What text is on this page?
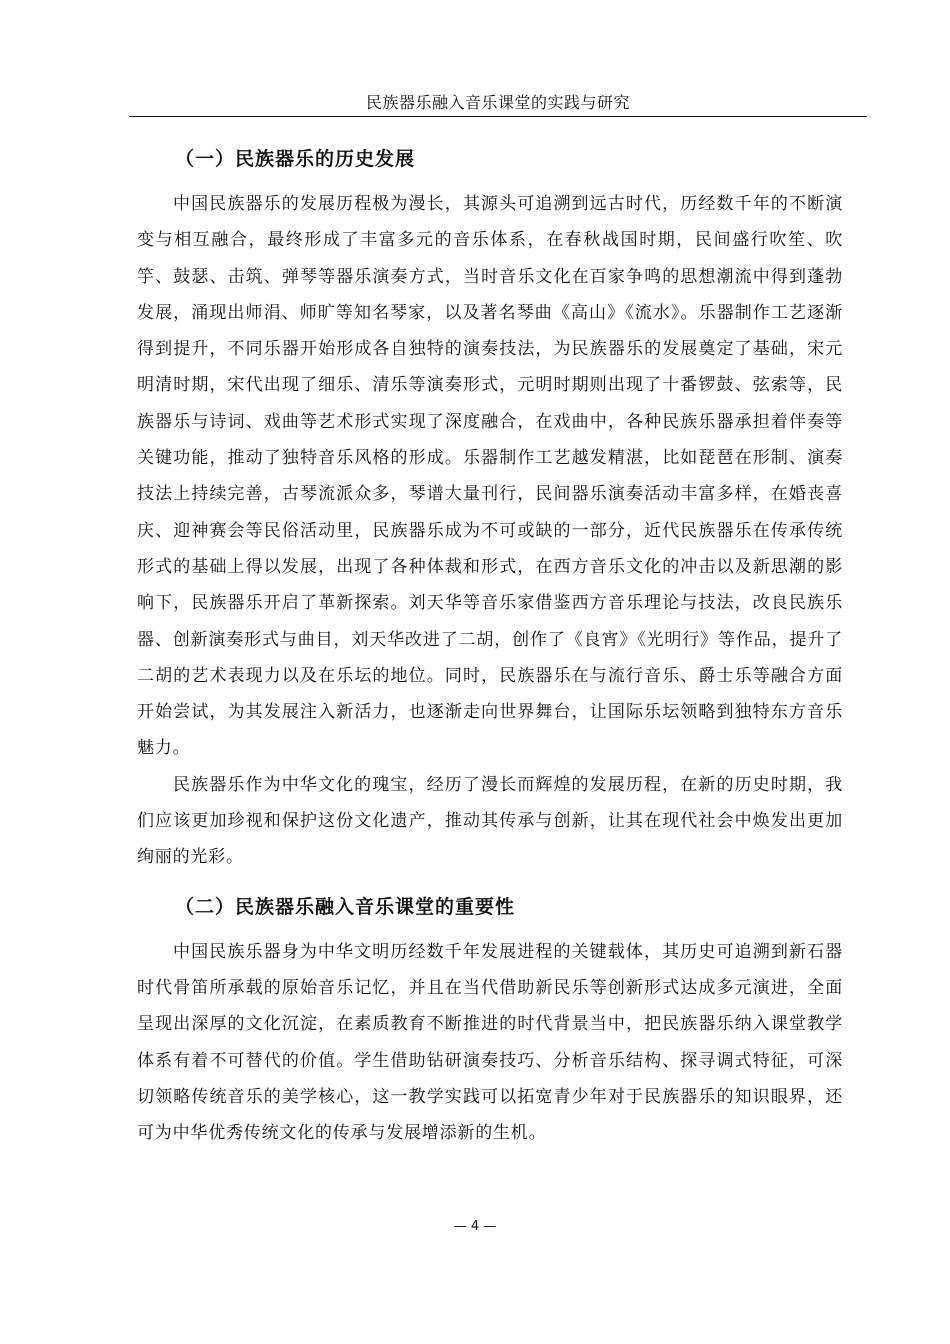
民族器乐融入音乐课堂的实践与研究
（一）民族器乐的历史发展

中国民族器乐的发展历程极为漫长，其源头可追溯到远古时代，历经数千年的不断演变与相互融合，最终形成了丰富多元的音乐体系，在春秋战国时期，民间盛行吹笙、吹竽、鼓瑟、击筑、弹琴等器乐演奏方式，当时音乐文化在百家争鸣的思想潮流中得到蓬勃发展，涌现出师涓、师旷等知名琴家，以及著名琴曲《高山》《流水》。乐器制作工艺逐渐得到提升，不同乐器开始形成各自独特的演奏技法，为民族器乐的发展奠定了基础，宋元明清时期，宋代出现了细乐、清乐等演奏形式，元明时期则出现了十番锣鼓、弦索等，民族器乐与诗词、戏曲等艺术形式实现了深度融合，在戏曲中，各种民族乐器承担着伴奏等关键功能，推动了独特音乐风格的形成。乐器制作工艺越发精湛，比如琵琶在形制、演奏技法上持续完善，古琴流派众多，琴谱大量刊行，民间器乐演奏活动丰富多样，在婚丧喜庆、迎神赛会等民俗活动里，民族器乐成为不可或缺的一部分，近代民族器乐在传承传统形式的基础上得以发展，出现了各种体裁和形式，在西方音乐文化的冲击以及新思潮的影响下，民族器乐开启了革新探索。刘天华等音乐家借鉴西方音乐理论与技法，改良民族乐器、创新演奏形式与曲目，刘天华改进了二胡，创作了《良宵》《光明行》等作品，提升了二胡的艺术表现力以及在乐坛的地位。同时，民族器乐在与流行音乐、爵士乐等融合方面开始尝试，为其发展注入新活力，也逐渐走向世界舞台，让国际乐坛领略到独特东方音乐魅力。

民族器乐作为中华文化的瑰宝，经历了漫长而辉煌的发展历程，在新的历史时期，我们应该更加珍视和保护这份文化遗产，推动其传承与创新，让其在现代社会中焕发出更加绚丽的光彩。

（二）民族器乐融入音乐课堂的重要性

中国民族乐器身为中华文明历经数千年发展进程的关键载体，其历史可追溯到新石器时代骨笛所承载的原始音乐记忆，并且在当代借助新民乐等创新形式达成多元演进，全面呈现出深厚的文化沉淀，在素质教育不断推进的时代背景当中，把民族器乐纳入课堂教学体系有着不可替代的价值。学生借助钻研演奏技巧、分析音乐结构、探寻调式特征，可深切领略传统音乐的美学核心，这一教学实践可以拓宽青少年对于民族器乐的知识眼界，还可为中华优秀传统文化的传承与发展增添新的生机。

— 4 —
